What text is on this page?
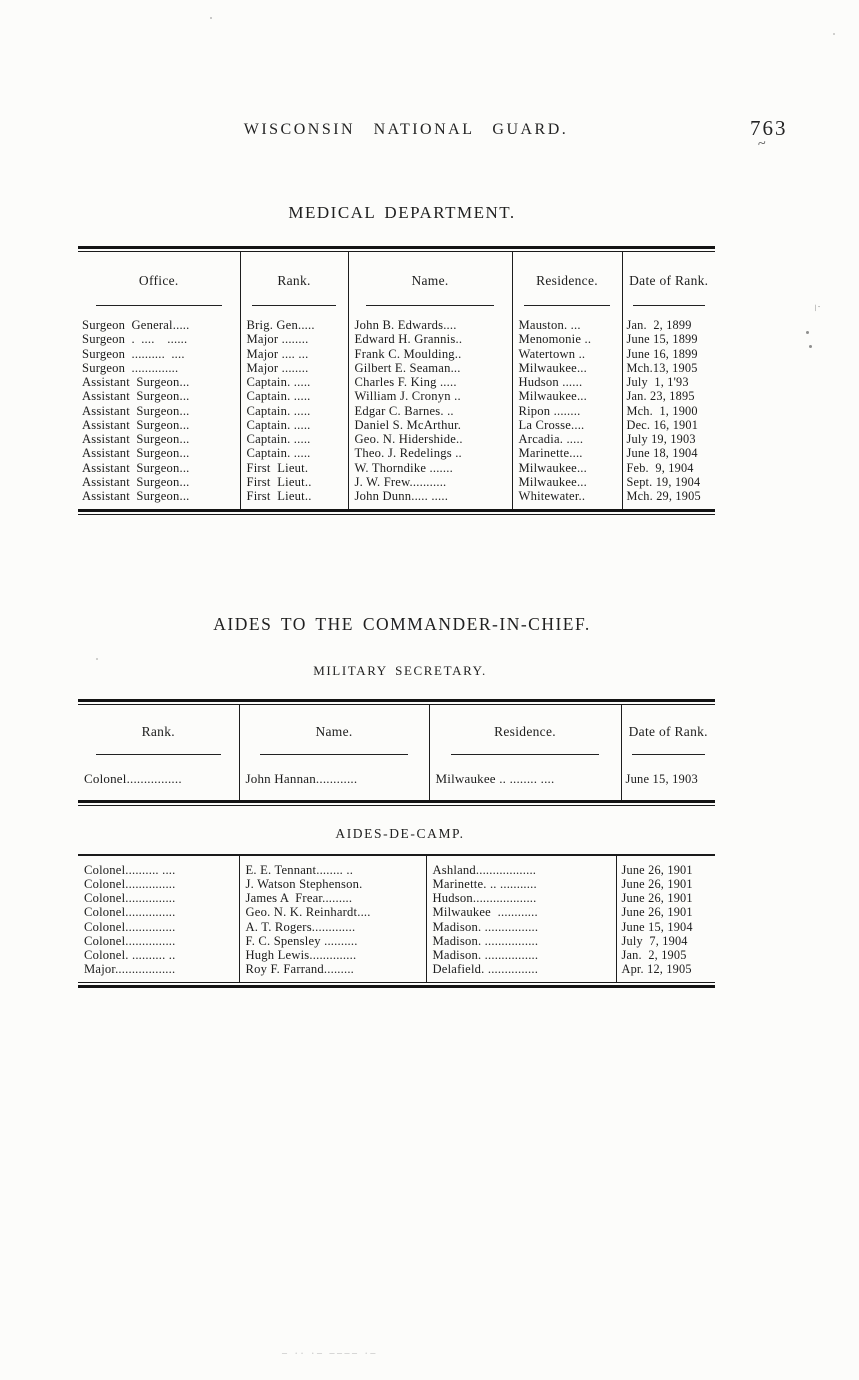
WISCONSIN NATIONAL GUARD.	763
MEDICAL DEPARTMENT.
Office.	Rank.	Name.	Residence.	Date of Rank.

Surgeon General.....	Brig. Gen.....	John B. Edwards....	Mauston. ...	Jan.  2, 1899
Surgeon . ....  ......	Major ........	Edward H. Grannis..	Menomonie ..	June 15, 1899
Surgeon .......... ....	Major .... ...	Frank C. Moulding..	Watertown ..	June 16, 1899
Surgeon ..............	Major ........	Gilbert E. Seaman...	Milwaukee...	Mch.13, 1905
Assistant Surgeon...	Captain. .....	Charles F. King .....	Hudson ......	July  1, 1'93
Assistant Surgeon...	Captain. .....	William J. Cronyn ..	Milwaukee...	Jan. 23, 1895
Assistant Surgeon...	Captain. .....	Edgar C. Barnes. ..	Ripon ........	Mch.  1, 1900
Assistant Surgeon...	Captain. .....	Daniel S. McArthur.	La Crosse....	Dec. 16, 1901
Assistant Surgeon...	Captain. .....	Geo. N. Hidershide..	Arcadia. .....	July 19, 1903
Assistant Surgeon...	Captain. .....	Theo. J. Redelings ..	Marinette....	June 18, 1904
Assistant Surgeon...	First  Lieut.	W. Thorndike .......	Milwaukee...	Feb.  9, 1904
Assistant Surgeon...	First  Lieut..	J. W. Frew...........	Milwaukee...	Sept. 19, 1904
Assistant Surgeon...	First  Lieut..	John Dunn..... .....	Whitewater..	Mch. 29, 1905
AIDES TO THE COMMANDER-IN-CHIEF.
MILITARY SECRETARY.
Rank.	Name.	Residence.	Date of Rank.

Colonel................	John Hannan............	Milwaukee .. ........ ....	June 15, 1903
AIDES-DE-CAMP.
Colonel.......... ....	E. E. Tennant........ ..	Ashland..................	June 26, 1901
Colonel...............	J. Watson Stephenson.	Marinette. .. ...........	June 26, 1901
Colonel...............	James A  Frear.........	Hudson...................	June 26, 1901
Colonel...............	Geo. N. K. Reinhardt....	Milwaukee  ............	June 26, 1901
Colonel...............	A. T. Rogers.............	Madison. ................	June 15, 1904
Colonel...............	F. C. Spensley ..........	Madison. ................	July  7, 1904
Colonel. .......... ..	Hugh Lewis..............	Madison. ................	Jan.  2, 1905
Major..................	Roy F. Farrand.........	Delafield. ...............	Apr. 12, 1905
~
/·
– ·· ·– –––– ·–
